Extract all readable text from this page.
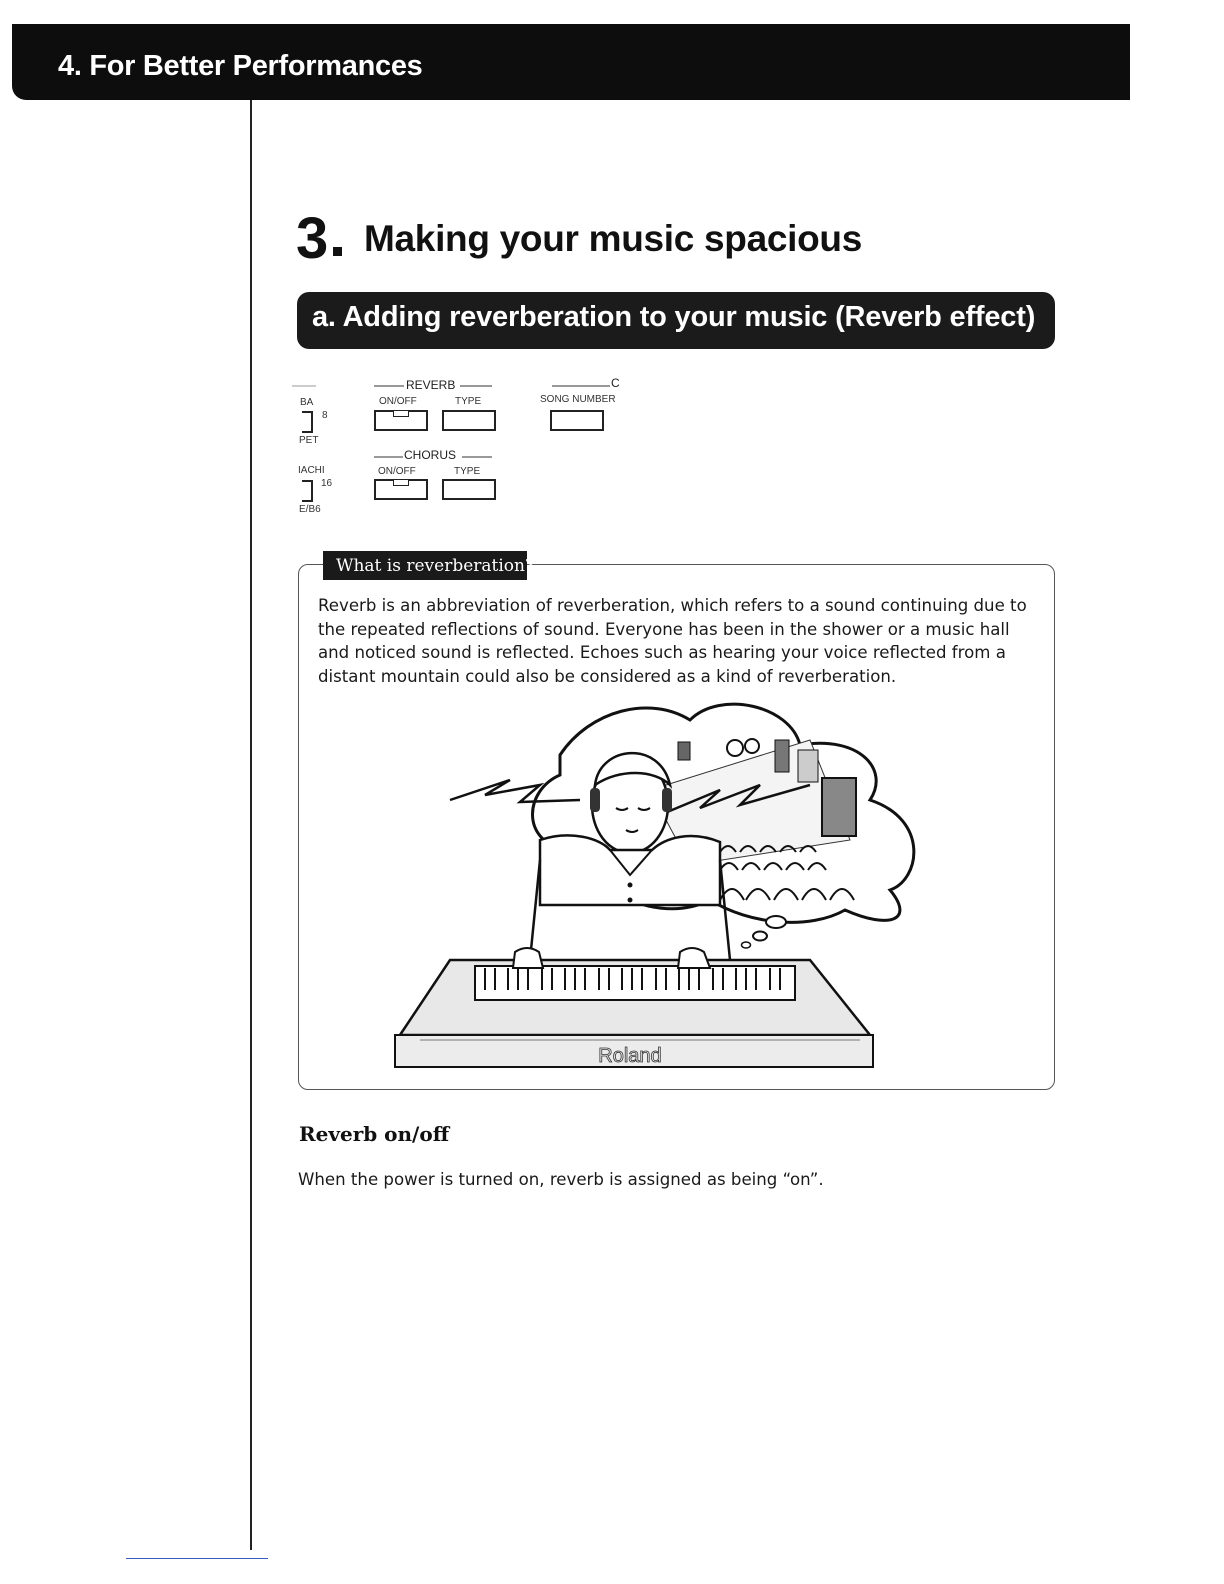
4. For Better Performances
3 Making your music spacious
a. Adding reverberation to your music (Reverb effect)
REVERB
ON/OFF	TYPE
CHORUS
ON/OFF	TYPE
SONG NUMBER
C
BA
8
PET
IACHI
16
E/B6
What is reverberation?
Reverb is an abbreviation of reverberation, which refers to a sound continuing due to the repeated reflections of sound. Everyone has been in the shower or a music hall and noticed sound is reflected. Echoes such as hearing your voice reflected from a distant mountain could also be considered as a kind of reverberation.
Roland
Reverb on/off
When the power is turned on, reverb is assigned as being “on”.
